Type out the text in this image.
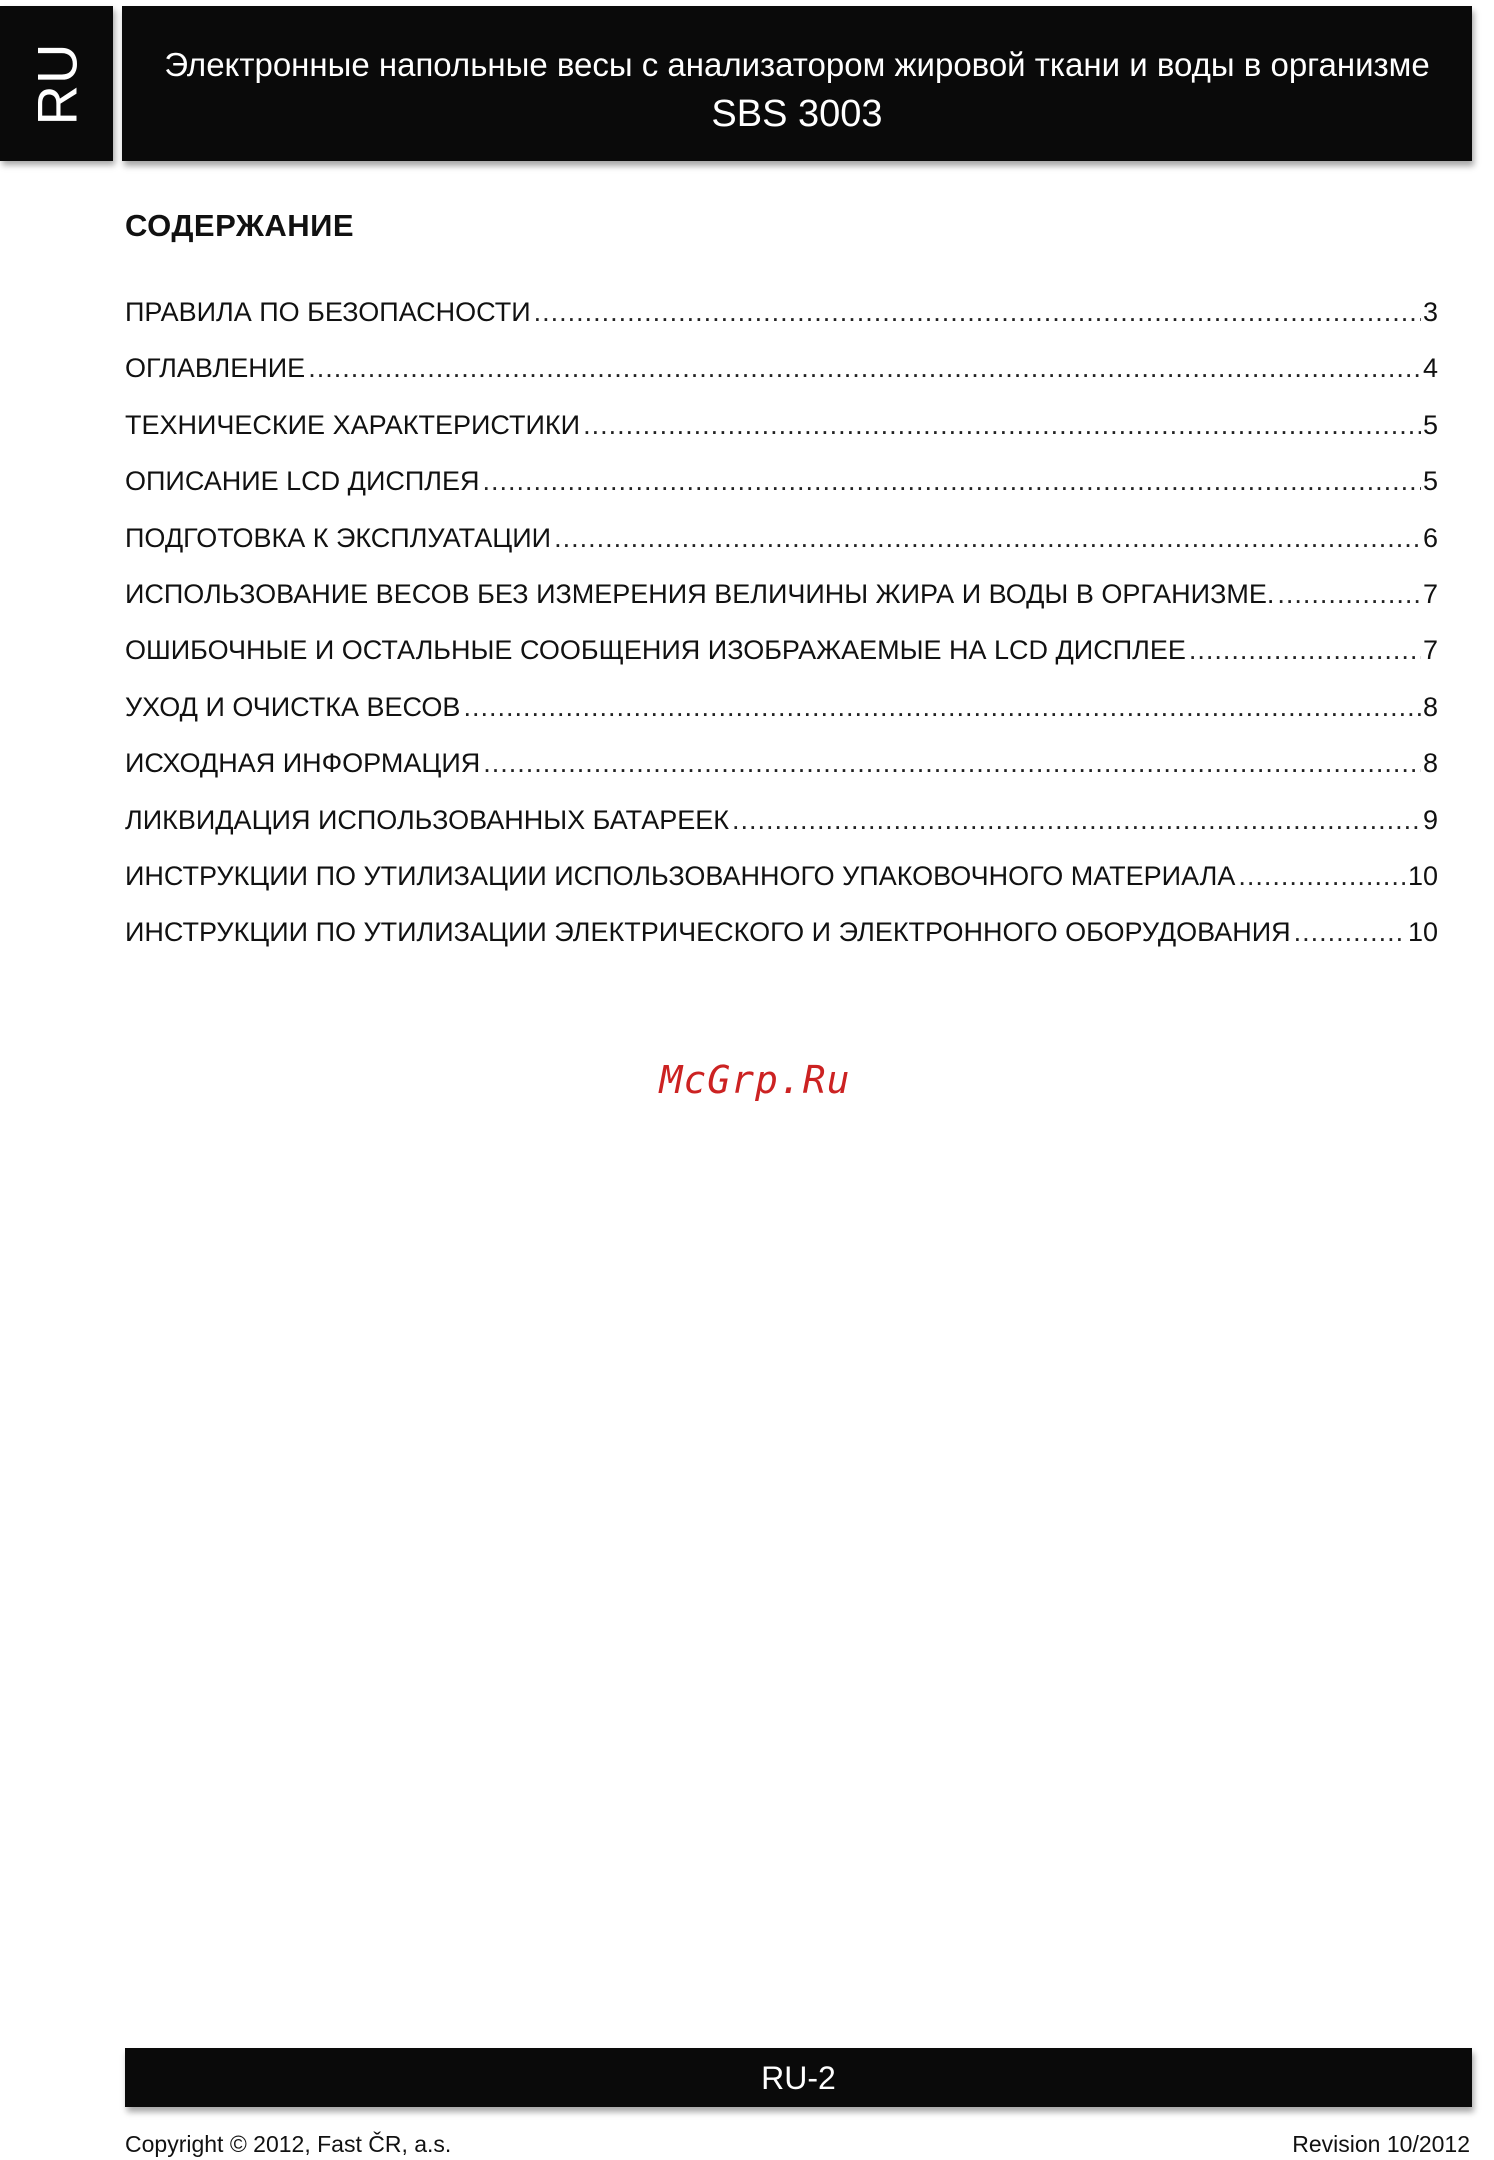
RU	Электронные напольные весы с анализатором жировой ткани и воды в организме
SBS 3003
СОДЕРЖАНИЕ
ПРАВИЛА ПО БЕЗОПАСНОСТИ .....	3
ОГЛАВЛЕНИЕ .....	4
ТЕХНИЧЕСКИЕ ХАРАКТЕРИСТИКИ .....	5
ОПИСАНИЕ LCD ДИСПЛЕЯ .....	5
ПОДГОТОВКА К ЭКСПЛУАТАЦИИ .....	6
ИСПОЛЬЗОВАНИЕ ВЕСОВ БЕЗ ИЗМЕРЕНИЯ ВЕЛИЧИНЫ ЖИРА И ВОДЫ В ОРГАНИЗМЕ. .....	7
ОШИБОЧНЫЕ И ОСТАЛЬНЫЕ СООБЩЕНИЯ ИЗОБРАЖАЕМЫЕ НА LCD ДИСПЛЕЕ .....	7
УХОД И ОЧИСТКА ВЕСОВ .....	8
ИСХОДНАЯ ИНФОРМАЦИЯ .....	8
ЛИКВИДАЦИЯ ИСПОЛЬЗОВАННЫХ БАТАРЕЕК .....	9
ИНСТРУКЦИИ ПО УТИЛИЗАЦИИ ИСПОЛЬЗОВАННОГО УПАКОВОЧНОГО МАТЕРИАЛА .....	10
ИНСТРУКЦИИ ПО УТИЛИЗАЦИИ ЭЛЕКТРИЧЕСКОГО И ЭЛЕКТРОННОГО ОБОРУДОВАНИЯ .....	10
McGrp.Ru
RU-2
Copyright © 2012, Fast ČR, a.s.	Revision 10/2012
